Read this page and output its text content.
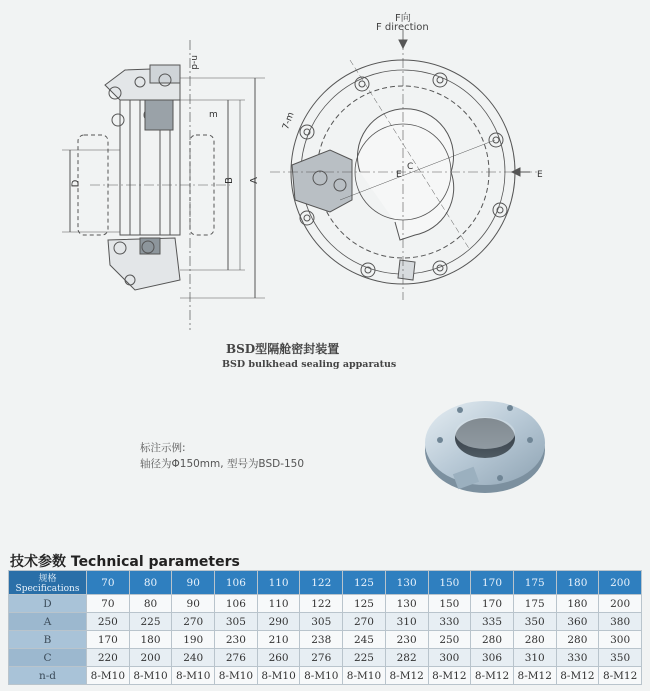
n-d
D	B A
m	7-m
E
C
E
F向
F direction
BSD型隔舱密封装置
BSD bulkhead sealing apparatus
标注示例:
轴径为Φ150mm, 型号为BSD-150
技术参数 Technical parameters
规格 Specifications	70	80	90	106	110	122	125	130	150	170	175	180	200
D	70	80	90	106	110	122	125	130	150	170	175	180	200
A	250	225	270	305	290	305	270	310	330	335	350	360	380
B	170	180	190	230	210	238	245	230	250	280	280	280	300
C	220	200	240	276	260	276	225	282	300	306	310	330	350
n-d	8-M10	8-M10	8-M10	8-M10	8-M10	8-M10	8-M10	8-M12	8-M12	8-M12	8-M12	8-M12	8-M12
